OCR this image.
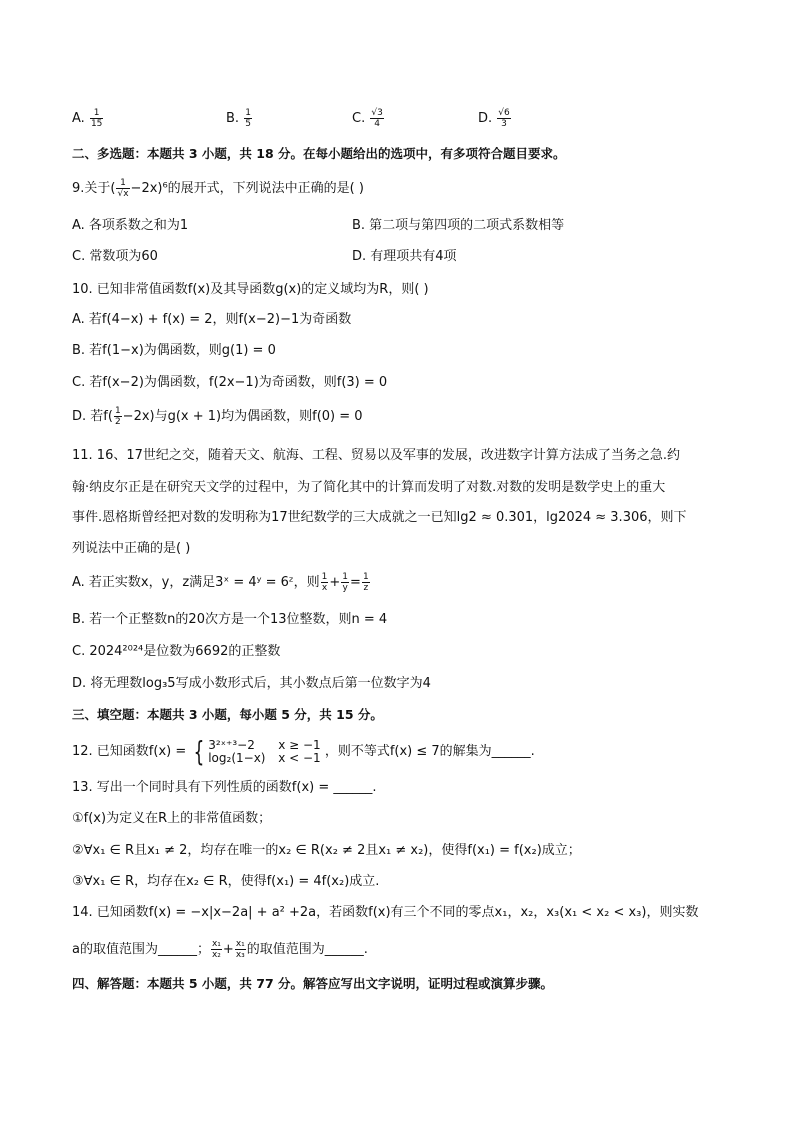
A. $\frac{1}{15}$	B. $\frac{1}{5}$	C. $\frac{√3}{4}$	D. $\frac{√6}{3}$
二、多选题：本题共 3 小题，共 18 分。在每小题给出的选项中，有多项符合题目要求。
9.关于( $\frac{1}{√x} -2x)^6$的展开式，下列说法中正确的是( )
A. 各项系数之和为1	B. 第二项与第四项的二项式系数相等
C. 常数项为60	D. 有理项共有4项
10. 已知非常值函数f(x)及其导函数g(x)的定义域均为R，则( )
A. 若f(4−x) + f(x) = 2，则f(x−2)−1为奇函数
B. 若f(1−x)为偶函数，则g(1) = 0
C. 若f(x−2)为偶函数，f(2x−1)为奇函数，则f(3) = 0
D. 若$f( \frac{1}{2} -2x)$与g(x + 1)均为偶函数，则f(0) = 0
11. 16、17世纪之交，随着天文、航海、工程、贸易以及军事的发展，改进数字计算方法成了当务之急.约
翰·纳皮尔正是在研究天文学的过程中，为了简化其中的计算而发明了对数.对数的发明是数学史上的重大
事件.恩格斯曾经把对数的发明称为17世纪数学的三大成就之一已知lg2 ≈ 0.301，lg2024 ≈ 3.306，则下
列说法中正确的是( )
A. 若正实数x，y，z满足3ˣ = 4ʸ = 6ᶻ，则 $\frac{1}{x} + \frac{1}{y} = \frac{1}{z}$
B. 若一个正整数n的20次方是一个13位整数，则n = 4
C. 2024²⁰²⁴是位数为6692的正整数
D. 将无理数log₃5写成小数形式后，其小数点后第一位数字为4
三、填空题：本题共 3 小题，每小题 5 分，共 15 分。
12. 已知函数f(x) = { 3²ˣ⁺³−2 x ≥ −1
log₂(1−x) x < −1 ，则不等式f(x) ≤ 7的解集为______.
13. 写出一个同时具有下列性质的函数f(x) = ______.
①f(x)为定义在R上的非常值函数；
②∀x₁ ∈ R且x₁ ≠ 2，均存在唯一的x₂ ∈ R(x₂ ≠ 2且x₁ ≠ x₂)，使得f(x₁) = f(x₂)成立；
③∀x₁ ∈ R，均存在x₂ ∈ R，使得f(x₁) = 4f(x₂)成立.
14. 已知函数f(x) = −x|x−2a| + a² +2a，若函数f(x)有三个不同的零点x₁，x₂，x₃(x₁ < x₂ < x₃)，则实数
a的取值范围为______； $\frac{\text{x₁}}{\text{x₂}} + \frac{\text{x₁}}{\text{x₃}}$ 的取值范围为______.
四、解答题：本题共 5 小题，共 77 分。解答应写出文字说明，证明过程或演算步骤。
